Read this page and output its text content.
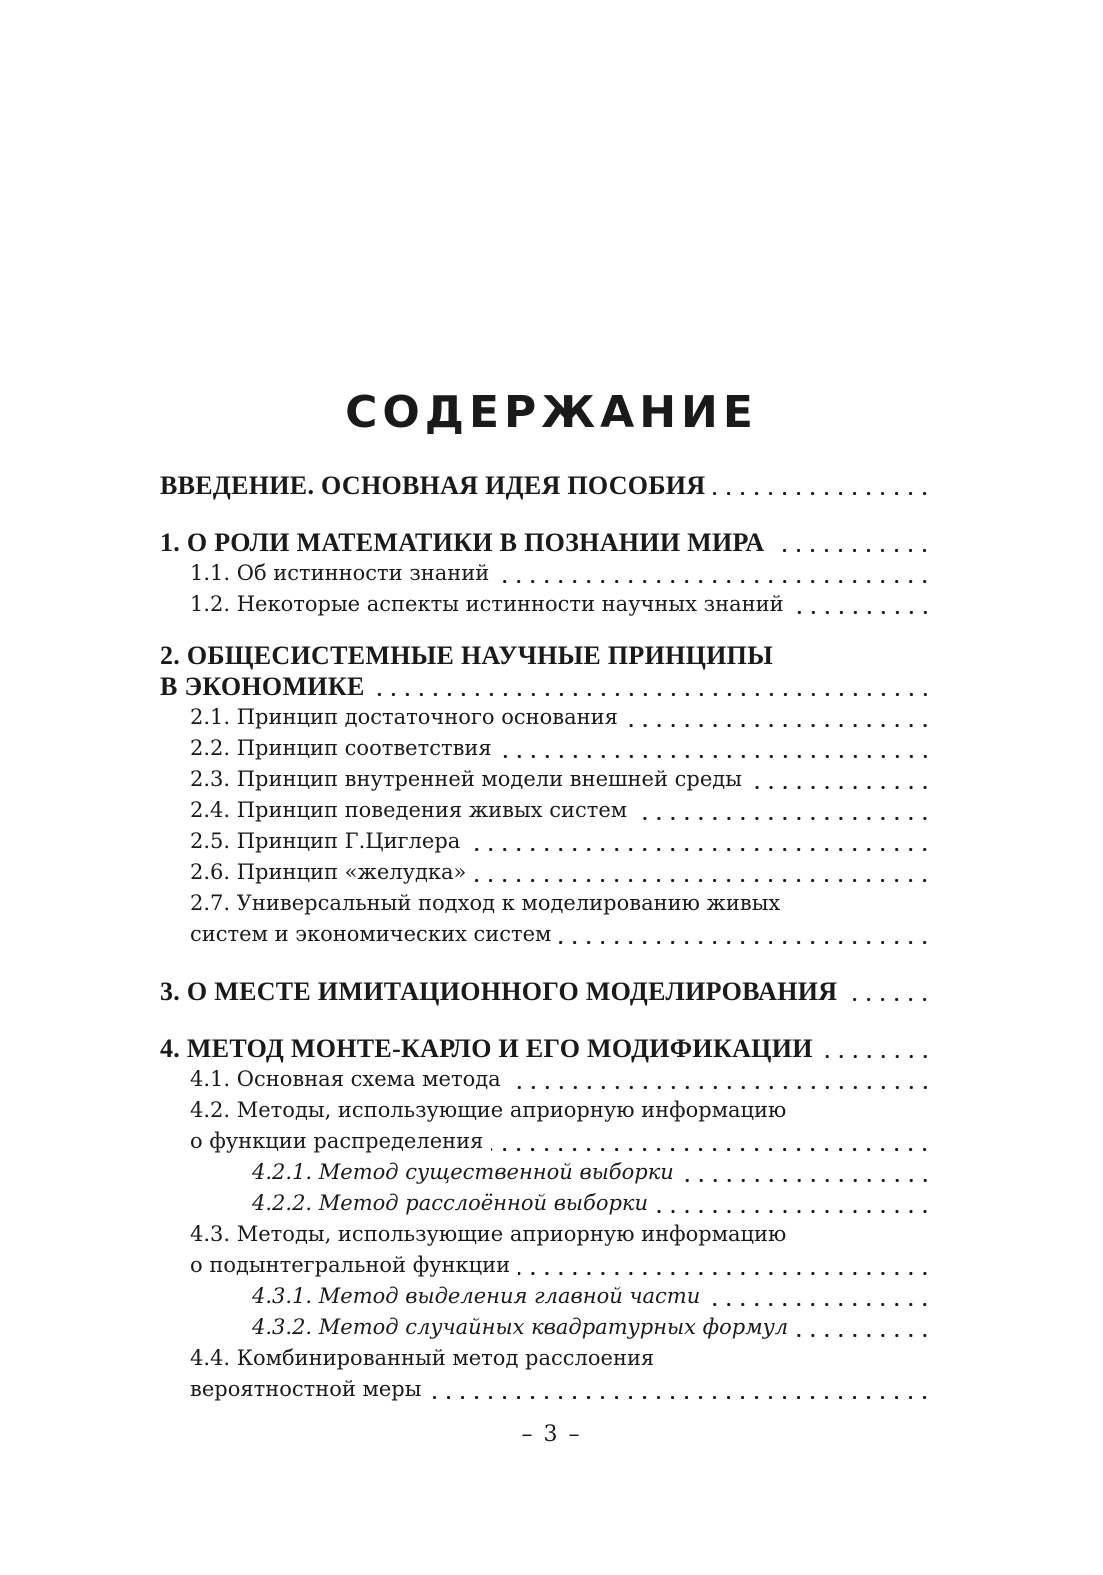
СОДЕРЖАНИЕ
ВВЕДЕНИЕ. ОСНОВНАЯ ИДЕЯ ПОСОБИЯ
1. О РОЛИ МАТЕМАТИКИ В ПОЗНАНИИ МИРА
1.1. Об истинности знаний
1.2. Некоторые аспекты истинности научных знаний
2. ОБЩЕСИСТЕМНЫЕ НАУЧНЫЕ ПРИНЦИПЫ
В ЭКОНОМИКЕ
2.1. Принцип достаточного основания
2.2. Принцип соответствия
2.3. Принцип внутренней модели внешней среды
2.4. Принцип поведения живых систем
2.5. Принцип Г.Циглера
2.6. Принцип «желудка»
2.7. Универсальный подход к моделированию живых
систем и экономических систем
3. О МЕСТЕ ИМИТАЦИОННОГО МОДЕЛИРОВАНИЯ
4. МЕТОД МОНТЕ-КАРЛО И ЕГО МОДИФИКАЦИИ
4.1. Основная схема метода
4.2. Методы, использующие априорную информацию
о функции распределения
4.2.1. Метод существенной выборки
4.2.2. Метод расслоённой выборки
4.3. Методы, использующие априорную информацию
о подынтегральной функции
4.3.1. Метод выделения главной части
4.3.2. Метод случайных квадратурных формул
4.4. Комбинированный метод расслоения
вероятностной меры
– 3 –
